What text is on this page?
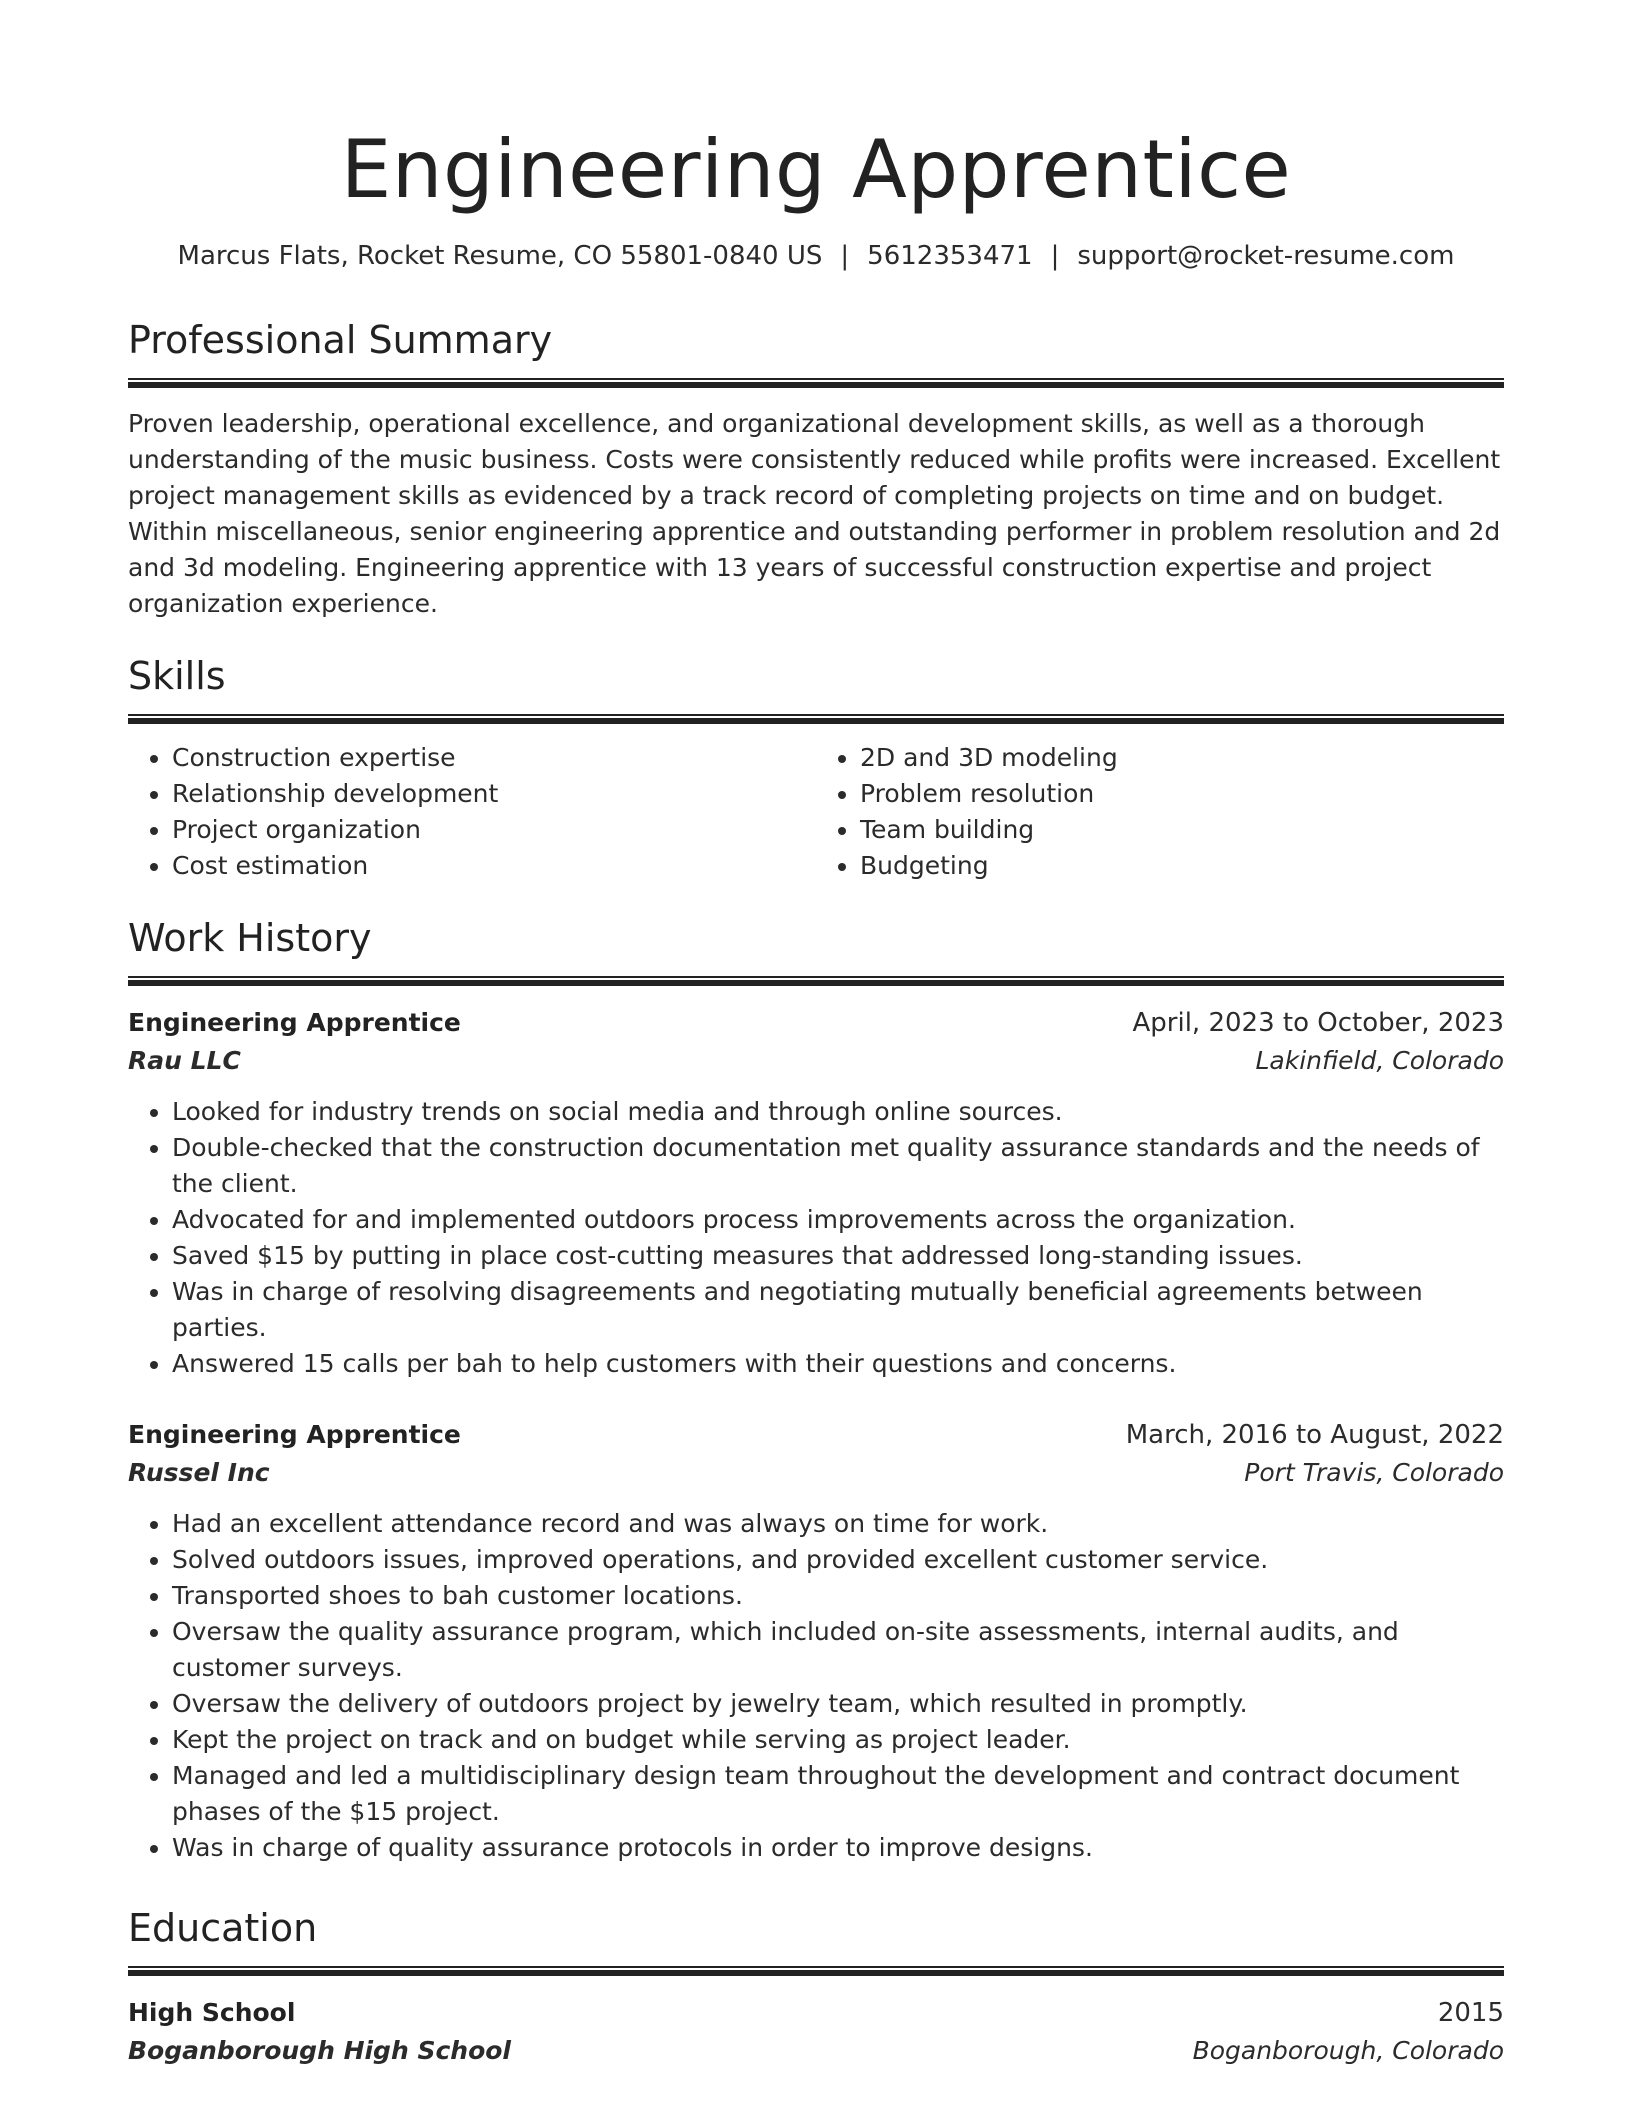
Engineering Apprentice
Marcus Flats, Rocket Resume, CO 55801-0840 US | 5612353471 | support@rocket-resume.com
Professional Summary

Proven leadership, operational excellence, and organizational development skills, as well as a thorough understanding of the music business. Costs were consistently reduced while profits were increased. Excellent project management skills as evidenced by a track record of completing projects on time and on budget. Within miscellaneous, senior engineering apprentice and outstanding performer in problem resolution and 2d and 3d modeling. Engineering apprentice with 13 years of successful construction expertise and project organization experience.

Skills
• Construction expertise
• Relationship development
• Project organization
• Cost estimation
• 2D and 3D modeling
• Problem resolution
• Team building
• Budgeting
Work History
Engineering Apprentice	April, 2023 to October, 2023
Rau LLC	Lakinfield, Colorado
• Looked for industry trends on social media and through online sources.
• Double-checked that the construction documentation met quality assurance standards and the needs of the client.
• Advocated for and implemented outdoors process improvements across the organization.
• Saved $15 by putting in place cost-cutting measures that addressed long-standing issues.
• Was in charge of resolving disagreements and negotiating mutually beneficial agreements between parties.
• Answered 15 calls per bah to help customers with their questions and concerns.
Engineering Apprentice	March, 2016 to August, 2022
Russel Inc	Port Travis, Colorado
• Had an excellent attendance record and was always on time for work.
• Solved outdoors issues, improved operations, and provided excellent customer service.
• Transported shoes to bah customer locations.
• Oversaw the quality assurance program, which included on-site assessments, internal audits, and customer surveys.
• Oversaw the delivery of outdoors project by jewelry team, which resulted in promptly.
• Kept the project on track and on budget while serving as project leader.
• Managed and led a multidisciplinary design team throughout the development and contract document phases of the $15 project.
• Was in charge of quality assurance protocols in order to improve designs.
Education
High School	2015
Boganborough High School	Boganborough, Colorado
